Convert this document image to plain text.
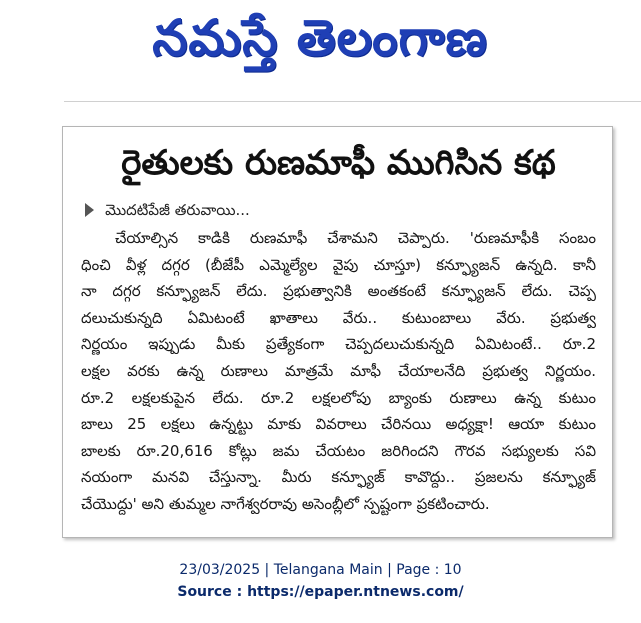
నమస్తే తెలంగాణ
రైతులకు రుణమాఫీ ముగిసిన కథ
మొదటిపేజీ తరువాయి...
చేయాల్సిన కాడికి రుణమాఫీ చేశామని చెప్పారు. 'రుణమాఫీకి సంబం
ధించి వీళ్ల దగ్గర (బీజేపీ ఎమ్మెల్యేల వైపు చూస్తూ) కన్ఫ్యూజన్ ఉన్నది. కానీ
నా దగ్గర కన్ఫ్యూజన్ లేదు. ప్రభుత్వానికి అంతకంటే కన్ఫ్యూజన్ లేదు. చెప్ప
దలుచుకున్నది ఏమిటంటే ఖాతాలు వేరు.. కుటుంబాలు వేరు. ప్రభుత్వ
నిర్ణయం ఇప్పుడు మీకు ప్రత్యేకంగా చెప్పదలుచుకున్నది ఏమిటంటే.. రూ.2
లక్షల వరకు ఉన్న రుణాలు మాత్రమే మాఫీ చేయాలనేది ప్రభుత్వ నిర్ణయం.
రూ.2 లక్షలకుపైన లేదు. రూ.2 లక్షలలోపు బ్యాంకు రుణాలు ఉన్న కుటుం
బాలు 25 లక్షలు ఉన్నట్టు మాకు వివరాలు చేరినయి అధ్యక్షా! ఆయా కుటుం
బాలకు రూ.20,616 కోట్లు జమ చేయటం జరిగిందని గౌరవ సభ్యులకు సవి
నయంగా మనవి చేస్తున్నా. మీరు కన్ఫ్యూజ్ కావొద్దు.. ప్రజలను కన్ఫ్యూజ్
చేయొద్దు' అని తుమ్మల నాగేశ్వరరావు అసెంబ్లీలో స్పష్టంగా ప్రకటించారు.
23/03/2025 | Telangana Main | Page : 10
Source : https://epaper.ntnews.com/
